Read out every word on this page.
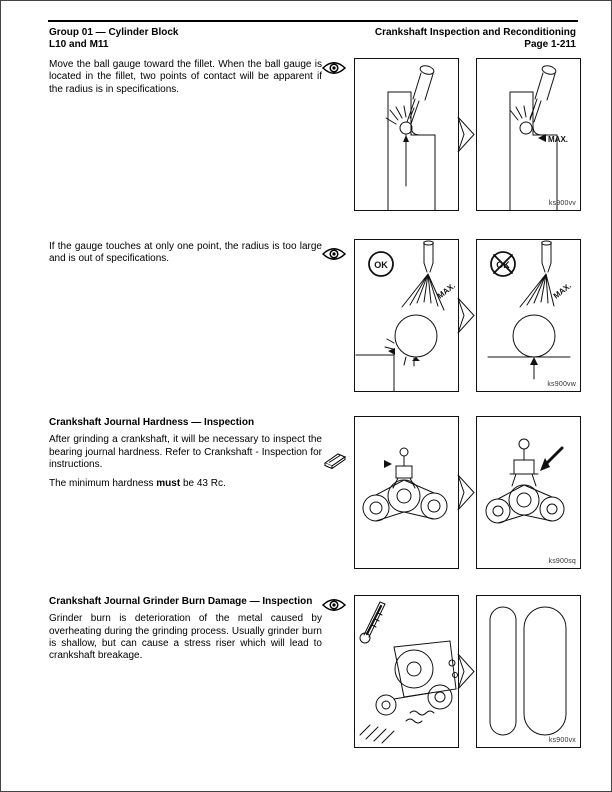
Group 01 — Cylinder Block
L10 and M11
Crankshaft Inspection and Reconditioning
Page 1-211

Move the ball gauge toward the fillet. When the ball gauge is located in the fillet, two points of contact will be apparent if the radius is in specifications.

MAX.
ks900vv

If the gauge touches at only one point, the radius is too large and is out of specifications.

OK	OK
MAX.	MAX.
ks900vw
Crankshaft Journal Hardness — Inspection

After grinding a crankshaft, it will be necessary to inspect the bearing journal hardness. Refer to Crankshaft - Inspection for instructions.

The minimum hardness must be 43 Rc.

ks900sq
Crankshaft Journal Grinder Burn Damage — Inspection

Grinder burn is deterioration of the metal caused by overheating during the grinding process. Usually grinder burn is shallow, but can cause a stress riser which will lead to crankshaft breakage.

ks900vx
